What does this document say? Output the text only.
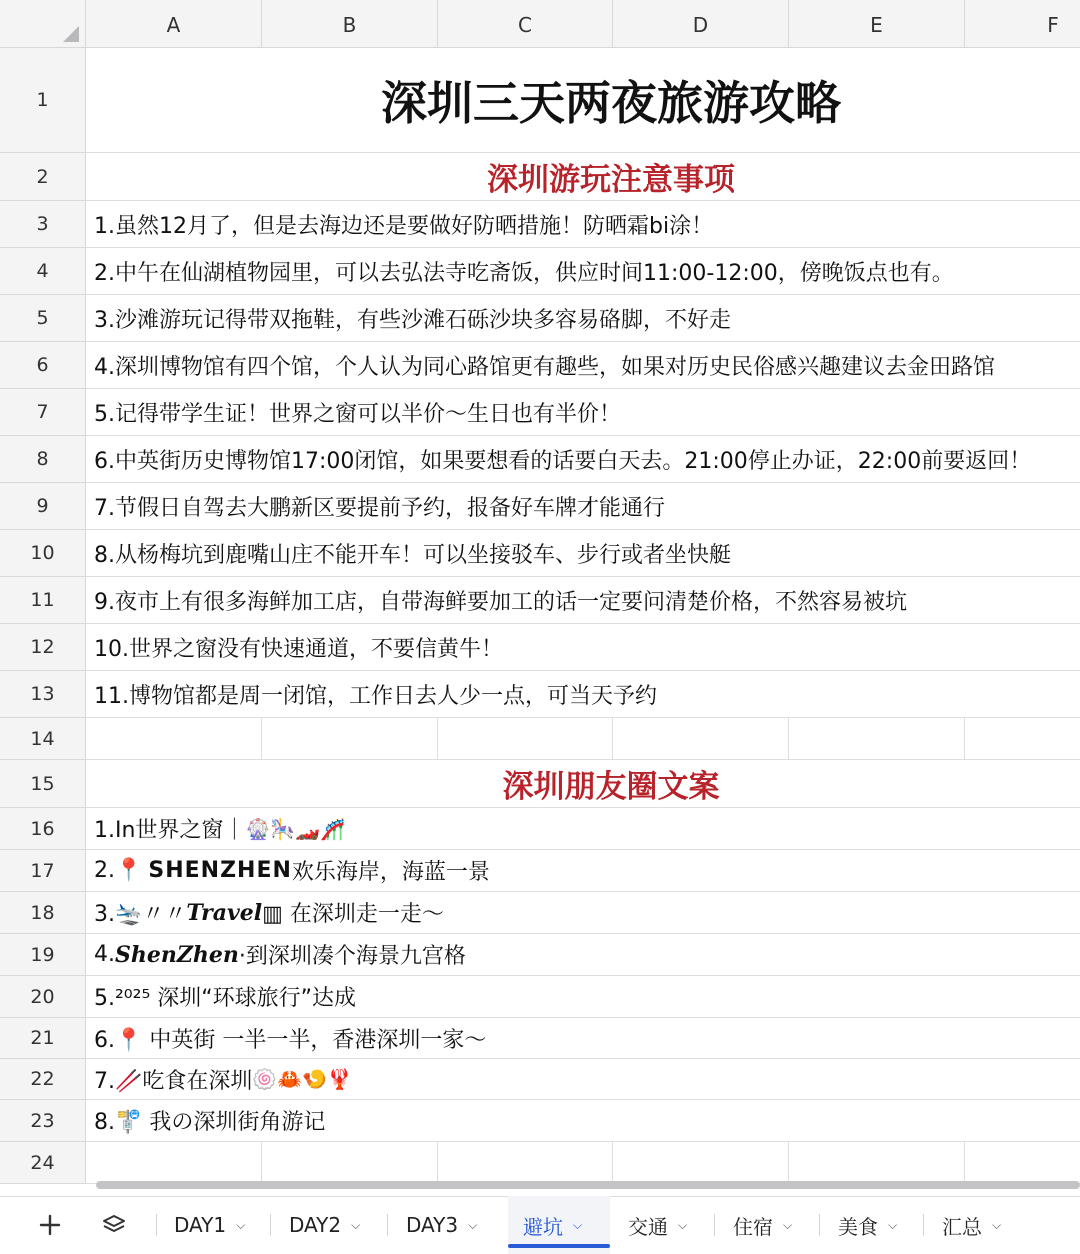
A	B	C	D	E	F
1
2
3
4
5
6
7
8
9
10
11
12
13
14
15
16
17
18
19
20
21
22
23
24
深圳三天两夜旅游攻略
深圳游玩注意事项
1.虽然12月了，但是去海边还是要做好防晒措施！防晒霜bi涂！
2.中午在仙湖植物园里，可以去弘法寺吃斋饭，供应时间11:00-12:00，傍晚饭点也有。
3.沙滩游玩记得带双拖鞋，有些沙滩石砾沙块多容易硌脚，不好走
4.深圳博物馆有四个馆，个人认为同心路馆更有趣些，如果对历史民俗感兴趣建议去金田路馆
5.记得带学生证！世界之窗可以半价～生日也有半价！
6.中英街历史博物馆17:00闭馆，如果要想看的话要白天去。21:00停止办证，22:00前要返回！
7.节假日自驾去大鹏新区要提前予约，报备好车牌才能通行
8.从杨梅坑到鹿嘴山庄不能开车！可以坐接驳车、步行或者坐快艇
9.夜市上有很多海鲜加工店，自带海鲜要加工的话一定要问清楚价格，不然容易被坑
10.世界之窗没有快速通道，不要信黄牛！
11.博物馆都是周一闭馆，工作日去人少一点，可当天予约
深圳朋友圈文案
1.In世界之窗｜ 🎡🎠🏎️🎢
2.📍 SHENZHEN 欢乐海岸，海蓝一景
3.🛬〃〃 Travel ▥ 在深圳走一走～
4. ShenZhen ·到深圳凑个海景九宫格
5.²⁰²⁵ 深圳“环球旅行”达成
6.📍 中英街 一半一半，香港深圳一家～
7.🥢吃食在深圳 🍥🦀🍤🦞
8.🚏 我の深圳街角游记
DAY1 ⌵ DAY2 ⌵ DAY3 ⌵ 避坑 ⌵ 交通 ⌵ 住宿 ⌵ 美食 ⌵ 汇总 ⌵
